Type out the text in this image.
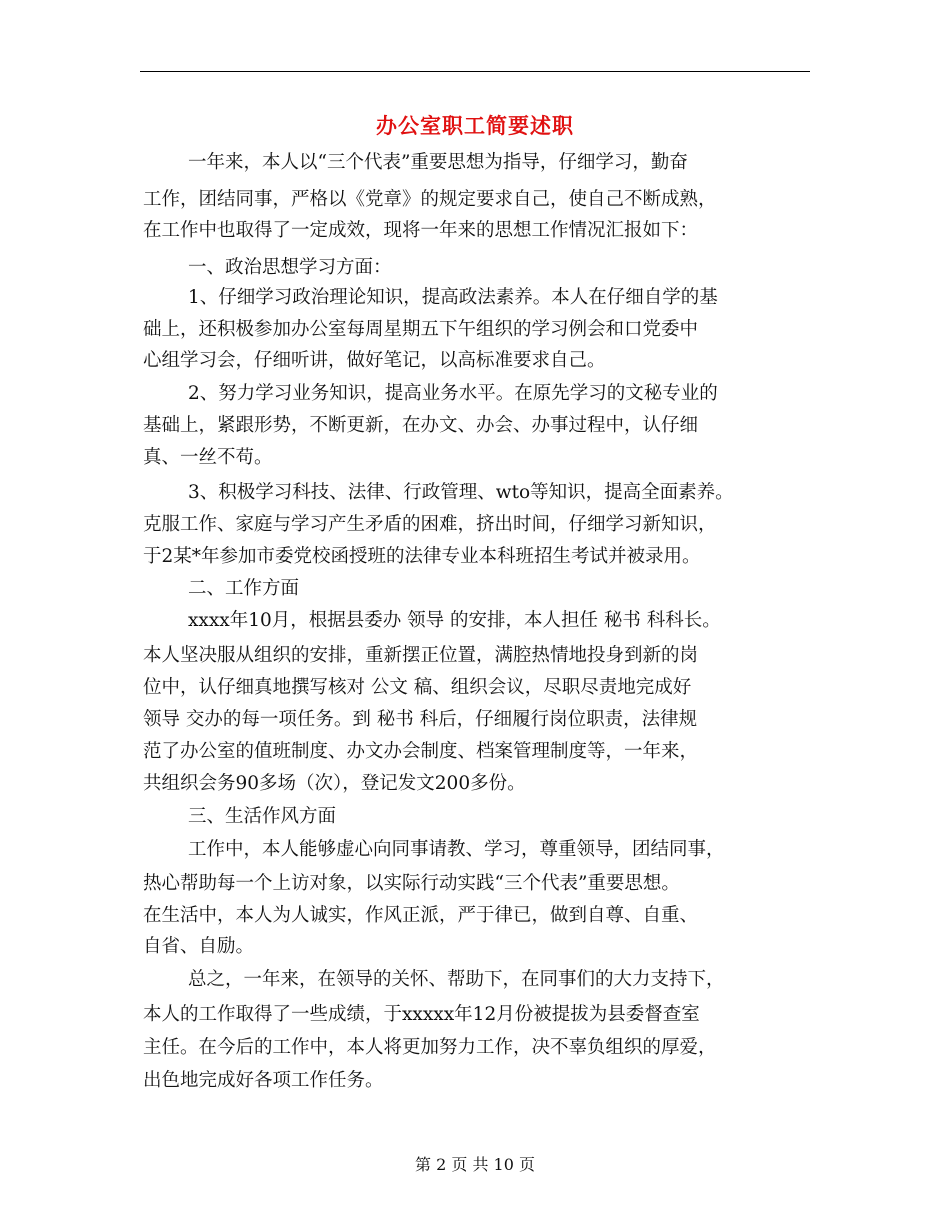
办公室职工简要述职
一年来，本人以“三个代表”重要思想为指导，仔细学习，勤奋
工作，团结同事，严格以《党章》的规定要求自己，使自己不断成熟，
在工作中也取得了一定成效，现将一年来的思想工作情况汇报如下：
一、政治思想学习方面：
1、仔细学习政治理论知识，提高政法素养。本人在仔细自学的基
础上，还积极参加办公室每周星期五下午组织的学习例会和口党委中
心组学习会，仔细听讲，做好笔记，以高标准要求自己。
2、努力学习业务知识，提高业务水平。在原先学习的文秘专业的
基础上，紧跟形势，不断更新，在办文、办会、办事过程中，认仔细
真、一丝不苟。
3、积极学习科技、法律、行政管理、wto等知识，提高全面素养。
克服工作、家庭与学习产生矛盾的困难，挤出时间，仔细学习新知识，
于2某*年参加市委党校函授班的法律专业本科班招生考试并被录用。
二、工作方面
xxxx年10月，根据县委办 领导 的安排，本人担任 秘书 科科长。
本人坚决服从组织的安排，重新摆正位置，满腔热情地投身到新的岗
位中，认仔细真地撰写核对 公文 稿、组织会议，尽职尽责地完成好
领导 交办的每一项任务。到 秘书 科后，仔细履行岗位职责，法律规
范了办公室的值班制度、办文办会制度、档案管理制度等，一年来，
共组织会务90多场（次），登记发文200多份。
三、生活作风方面
工作中，本人能够虚心向同事请教、学习，尊重领导，团结同事，
热心帮助每一个上访对象，以实际行动实践“三个代表”重要思想。
在生活中，本人为人诚实，作风正派，严于律已，做到自尊、自重、
自省、自励。
总之，一年来，在领导的关怀、帮助下，在同事们的大力支持下，
本人的工作取得了一些成绩，于xxxxx年12月份被提拔为县委督查室
主任。在今后的工作中，本人将更加努力工作，决不辜负组织的厚爱，
出色地完成好各项工作任务。
第 2 页 共 10 页
